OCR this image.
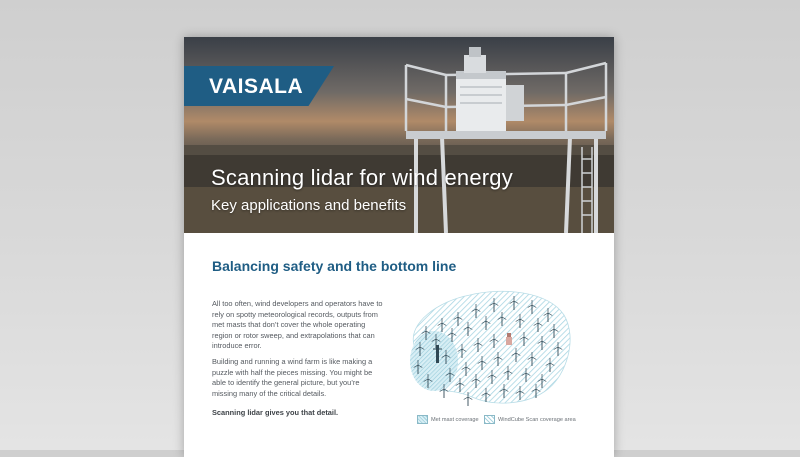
VAISALA
Scanning lidar for wind energy
Key applications and benefits
Balancing safety and the bottom line
All too often, wind developers and operators have to rely on spotty meteorological records, outputs from met masts that don’t cover the whole operating region or rotor sweep, and extrapolations that can introduce error.
Building and running a wind farm is like making a puzzle with half the pieces missing. You might be able to identify the general picture, but you’re missing many of the critical details.
Scanning lidar gives you that detail.
Met mast coverage	WindCube Scan coverage area
